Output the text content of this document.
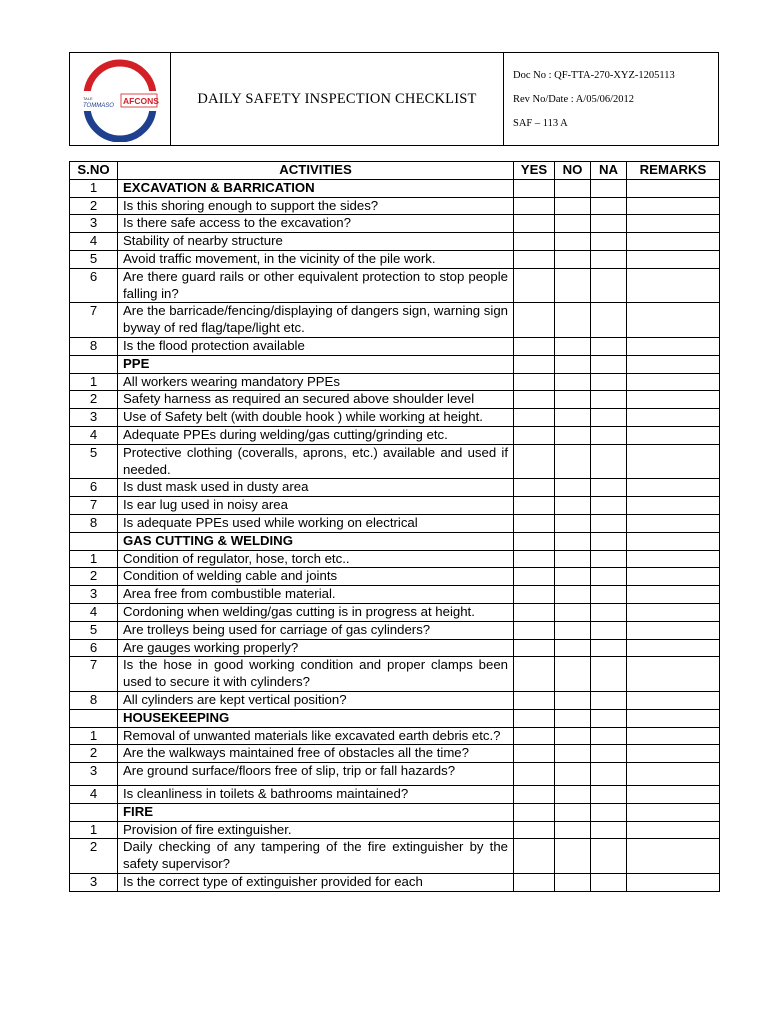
TALE
TOMMASO AFCONS	DAILY SAFETY INSPECTION CHECKLIST
Doc No : QF-TTA-270-XYZ-1205113
Rev No/Date : A/05/06/2012
SAF – 113 A
S.NO	ACTIVITIES	YES	NO	NA	REMARKS
1	EXCAVATION & BARRICATION				
2	Is this shoring enough to support the sides?				
3	Is there safe access to the excavation?				
4	Stability of nearby structure				
5	Avoid traffic movement, in the vicinity of the pile work.				
6	Are there guard rails or other equivalent protection to stop people falling in?				
7	Are the barricade/fencing/displaying of dangers sign, warning sign byway of red flag/tape/light etc.				
8	Is the flood protection available				
	PPE				
1	All workers wearing mandatory PPEs				
2	Safety harness as required an secured above shoulder level				
3	Use of Safety belt (with double hook ) while working at height.				
4	Adequate PPEs during welding/gas cutting/grinding etc.				
5	Protective clothing (coveralls, aprons, etc.) available and used if needed.				
6	Is dust mask used in dusty area				
7	Is ear lug used in noisy area				
8	Is adequate PPEs used while working on electrical				
	GAS CUTTING & WELDING				
1	Condition of regulator, hose, torch etc..				
2	Condition of welding cable and joints				
3	Area free from combustible material.				
4	Cordoning when welding/gas cutting is in progress at height.				
5	Are trolleys being used for carriage of gas cylinders?				
6	Are gauges working properly?				
7	Is the hose in good working condition and proper clamps been used to secure it with cylinders?				
8	All cylinders are kept vertical position?				
	HOUSEKEEPING				
1	Removal of unwanted materials like excavated earth debris etc.?				
2	Are the walkways maintained free of obstacles all the time?				
3	Are ground surface/floors free of slip, trip or fall hazards?				
4	Is cleanliness in toilets & bathrooms maintained?				
	FIRE				
1	Provision of fire extinguisher.				
2	Daily checking of any tampering of the fire extinguisher by the safety supervisor?				
3	Is the correct type of extinguisher provided for each				
